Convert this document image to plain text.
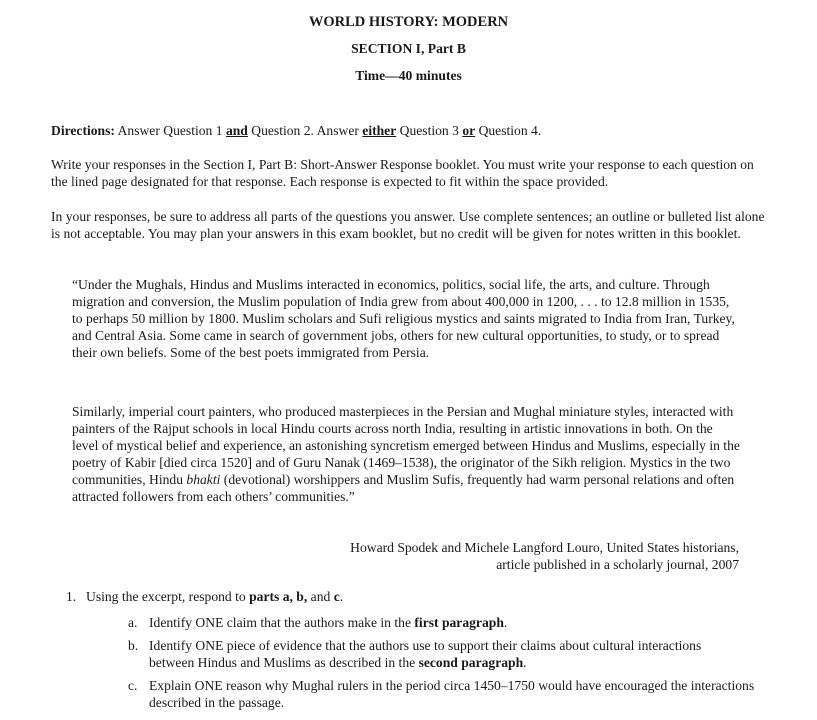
WORLD HISTORY: MODERN
SECTION I, Part B
Time—40 minutes

Directions: Answer Question 1 and Question 2. Answer either Question 3 or Question 4.

Write your responses in the Section I, Part B: Short-Answer Response booklet. You must write your response to each question on the lined page designated for that response. Each response is expected to fit within the space provided.

In your responses, be sure to address all parts of the questions you answer. Use complete sentences; an outline or bulleted list alone is not acceptable. You may plan your answers in this exam booklet, but no credit will be given for notes written in this booklet.

“Under the Mughals, Hindus and Muslims interacted in economics, politics, social life, the arts, and culture. Through migration and conversion, the Muslim population of India grew from about 400,000 in 1200, . . . to 12.8 million in 1535, to perhaps 50 million by 1800. Muslim scholars and Sufi religious mystics and saints migrated to India from Iran, Turkey, and Central Asia. Some came in search of government jobs, others for new cultural opportunities, to study, or to spread their own beliefs. Some of the best poets immigrated from Persia.

Similarly, imperial court painters, who produced masterpieces in the Persian and Mughal miniature styles, interacted with painters of the Rajput schools in local Hindu courts across north India, resulting in artistic innovations in both. On the level of mystical belief and experience, an astonishing syncretism emerged between Hindus and Muslims, especially in the poetry of Kabir [died circa 1520] and of Guru Nanak (1469–1538), the originator of the Sikh religion. Mystics in the two communities, Hindu bhakti (devotional) worshippers and Muslim Sufis, frequently had warm personal relations and often attracted followers from each others’ communities.”

Howard Spodek and Michele Langford Louro, United States historians,
article published in a scholarly journal, 2007
1. Using the excerpt, respond to parts a, b, and c.
a. Identify ONE claim that the authors make in the first paragraph.
b. Identify ONE piece of evidence that the authors use to support their claims about cultural interactions between Hindus and Muslims as described in the second paragraph.
c. Explain ONE reason why Mughal rulers in the period circa 1450–1750 would have encouraged the interactions described in the passage.
